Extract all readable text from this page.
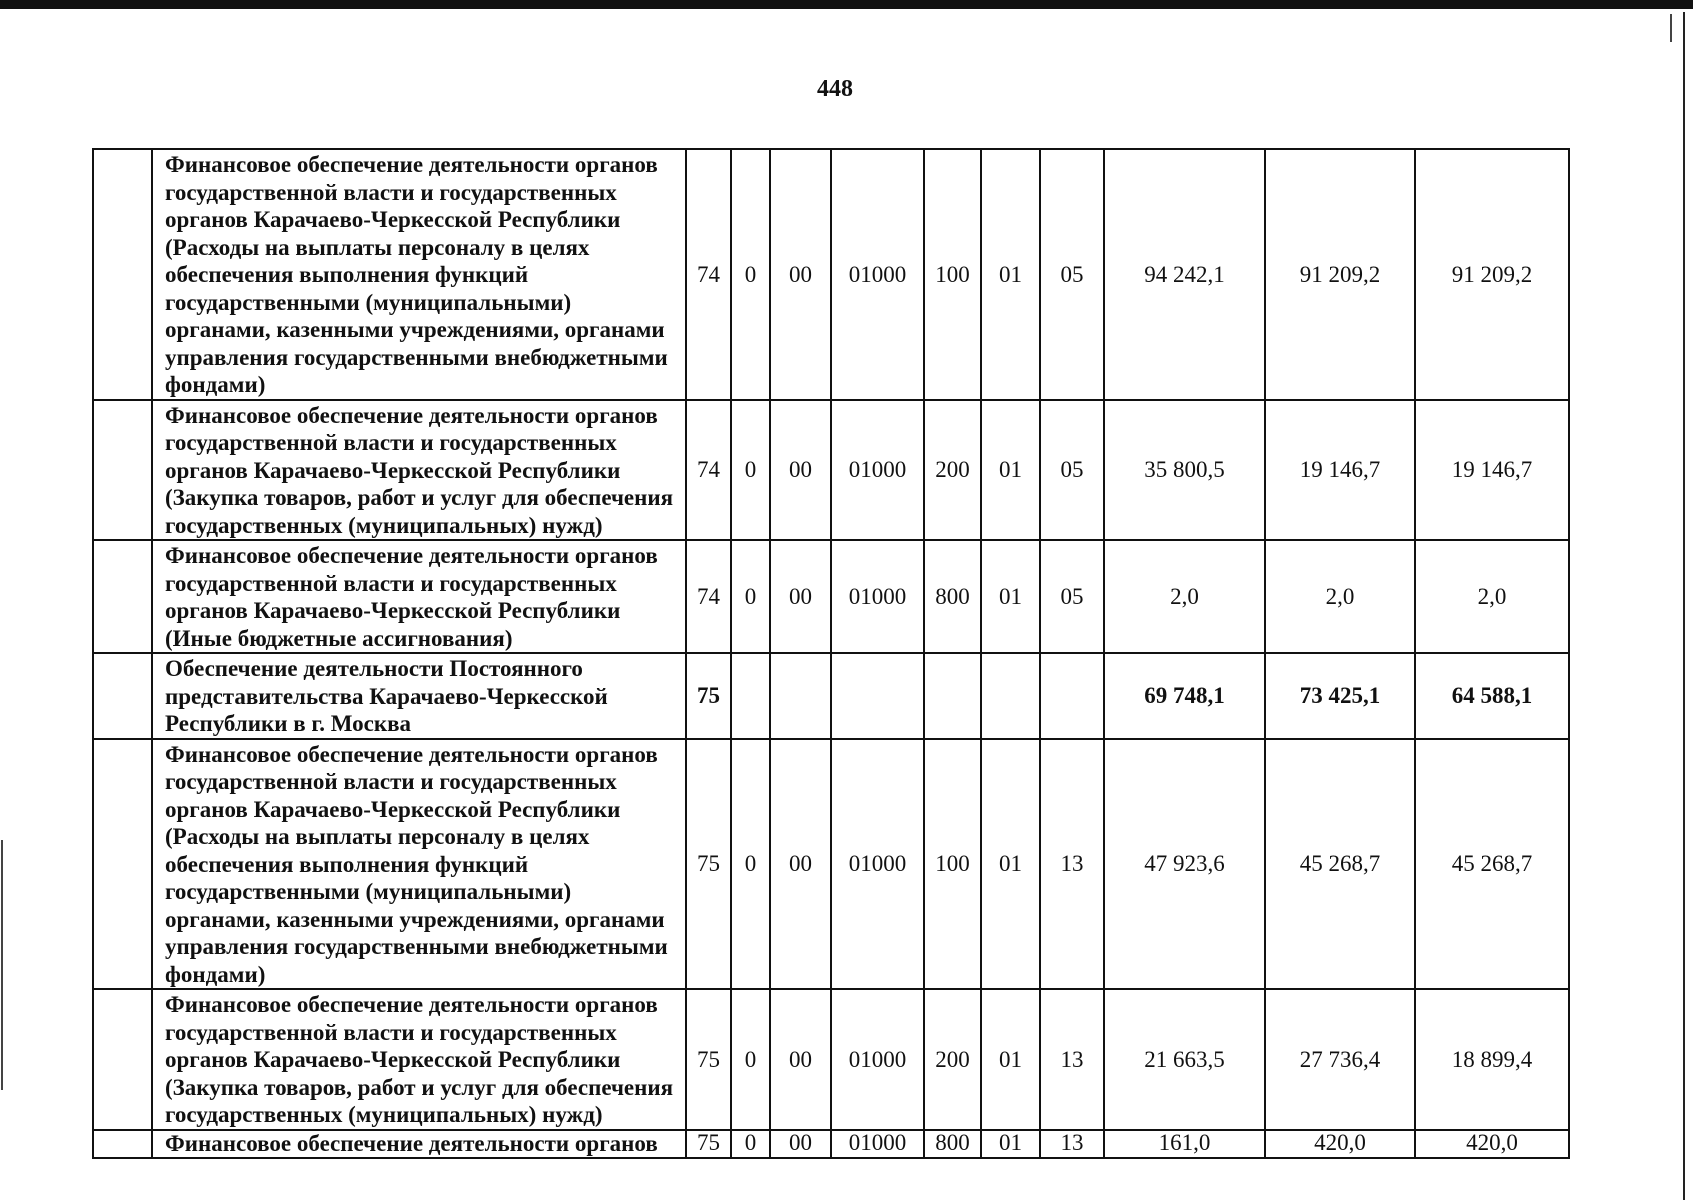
448
	Финансовое обеспечение деятельности органов государственной власти и государственных органов Карачаево-Черкесской Республики (Расходы на выплаты персоналу в целях обеспечения выполнения функций государственными (муниципальными) органами, казенными учреждениями, органами управления государственными внебюджетными фондами)	74	0	00	01000	100	01	05	94 242,1	91 209,2	91 209,2
	Финансовое обеспечение деятельности органов государственной власти и государственных органов Карачаево-Черкесской Республики (Закупка товаров, работ и услуг для обеспечения государственных (муниципальных) нужд)	74	0	00	01000	200	01	05	35 800,5	19 146,7	19 146,7
	Финансовое обеспечение деятельности органов государственной власти и государственных органов Карачаево-Черкесской Республики (Иные бюджетные ассигнования)	74	0	00	01000	800	01	05	2,0	2,0	2,0
	Обеспечение деятельности Постоянного представительства Карачаево-Черкесской Республики в г. Москва	75							69 748,1	73 425,1	64 588,1
	Финансовое обеспечение деятельности органов государственной власти и государственных органов Карачаево-Черкесской Республики (Расходы на выплаты персоналу в целях обеспечения выполнения функций государственными (муниципальными) органами, казенными учреждениями, органами управления государственными внебюджетными фондами)	75	0	00	01000	100	01	13	47 923,6	45 268,7	45 268,7
	Финансовое обеспечение деятельности органов государственной власти и государственных органов Карачаево-Черкесской Республики (Закупка товаров, работ и услуг для обеспечения государственных (муниципальных) нужд)	75	0	00	01000	200	01	13	21 663,5	27 736,4	18 899,4
	Финансовое обеспечение деятельности органов	75	0	00	01000	800	01	13	161,0	420,0	420,0
